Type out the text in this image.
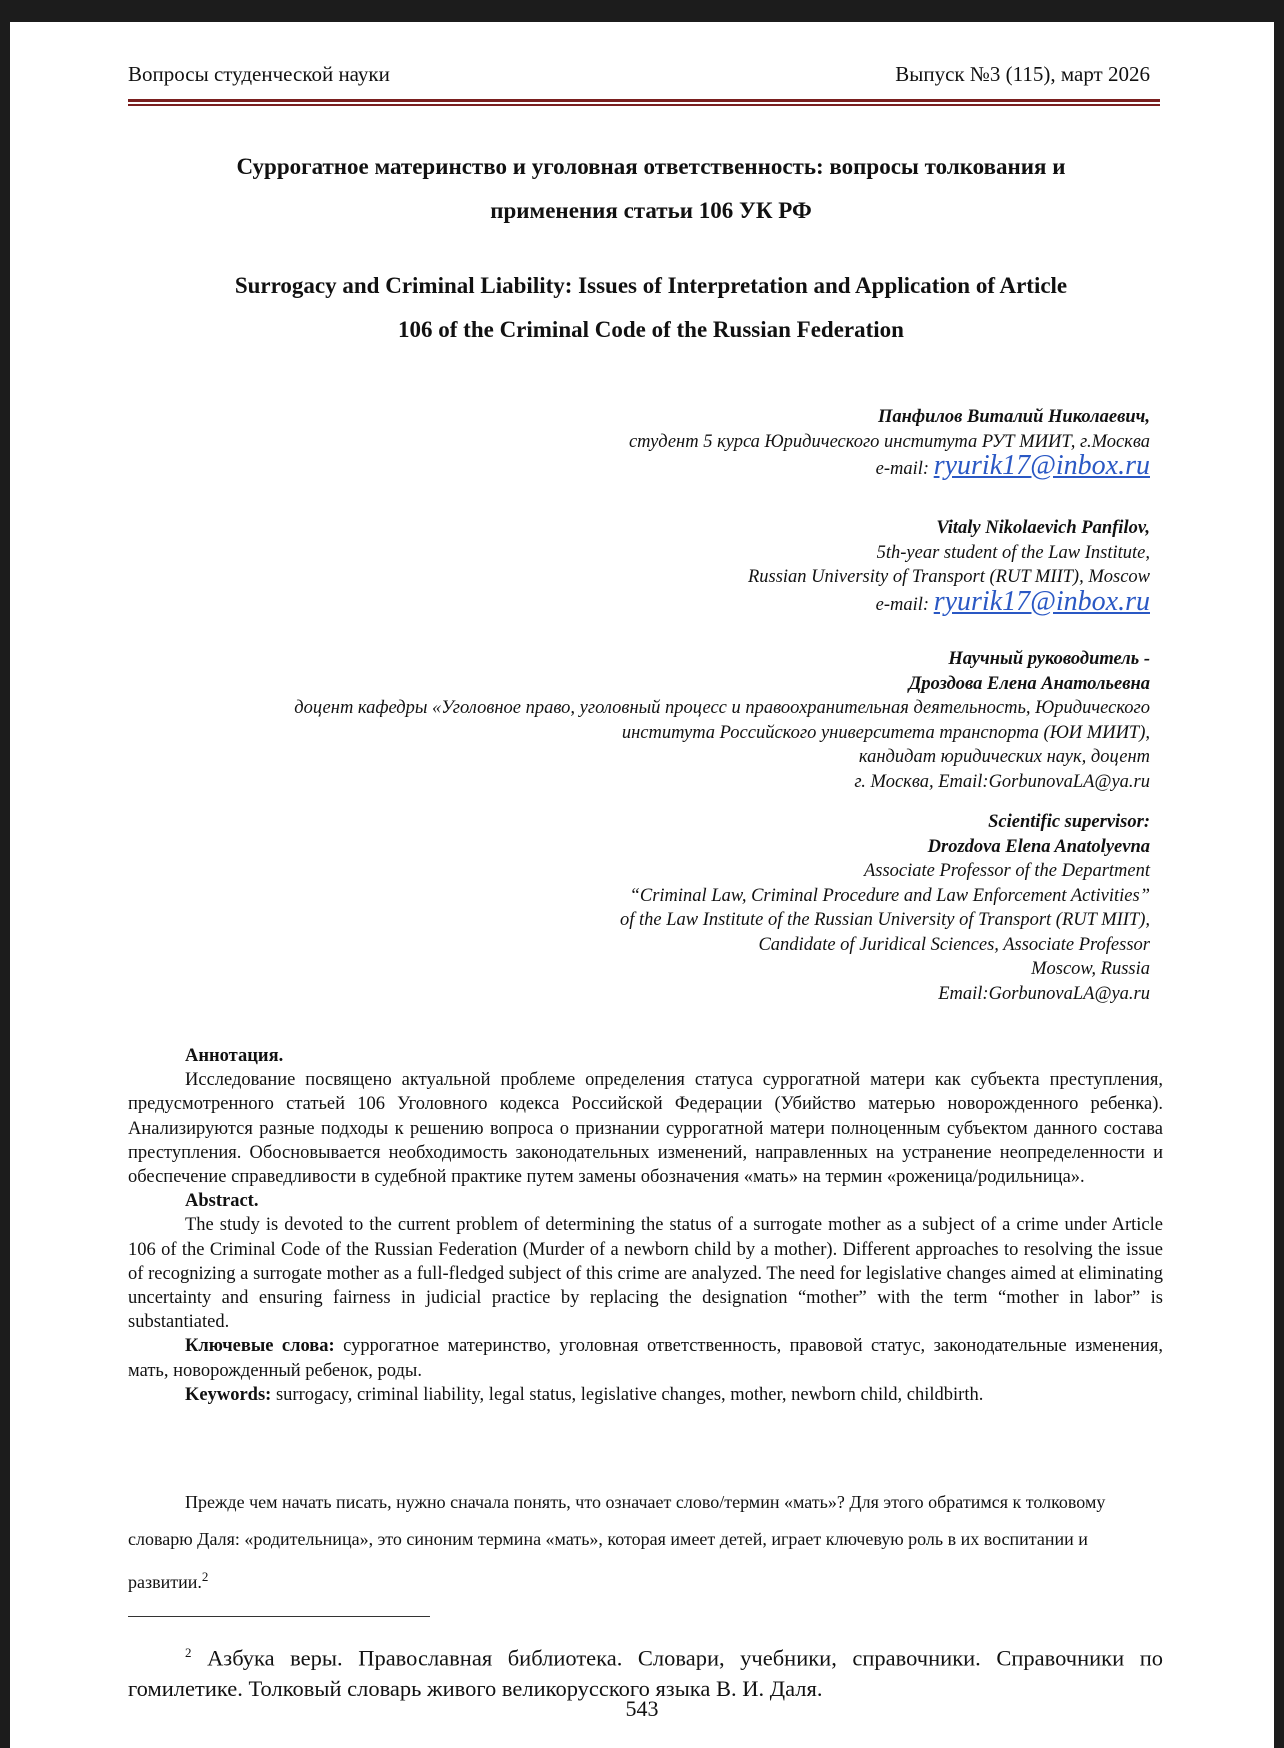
Вопросы студенческой науки	Выпуск №3 (115), март 2026
Суррогатное материнство и уголовная ответственность: вопросы толкования и
применения статьи 106 УК РФ
Surrogacy and Criminal Liability: Issues of Interpretation and Application of Article
106 of the Criminal Code of the Russian Federation
Панфилов Виталий Николаевич,
студент 5 курса Юридического института РУТ МИИТ, г.Москва
e-mail: ryurik17@inbox.ru
Vitaly Nikolaevich Panfilov,
5th-year student of the Law Institute,
Russian University of Transport (RUT MIIT), Moscow
e-mail: ryurik17@inbox.ru
Научный руководитель -
Дроздова Елена Анатольевна
доцент кафедры «Уголовное право, уголовный процесс и правоохранительная деятельность, Юридического
института Российского университета транспорта (ЮИ МИИТ),
кандидат юридических наук, доцент
г. Москва, Email:GorbunovaLA@ya.ru
Scientific supervisor:
Drozdova Elena Anatolyevna
Associate Professor of the Department
“Criminal Law, Criminal Procedure and Law Enforcement Activities”
of the Law Institute of the Russian University of Transport (RUT MIIT),
Candidate of Juridical Sciences, Associate Professor
Moscow, Russia
Email:GorbunovaLA@ya.ru
Аннотация.
Исследование посвящено актуальной проблеме определения статуса суррогатной матери как субъекта преступления, предусмотренного статьей 106 Уголовного кодекса Российской Федерации (Убийство матерью новорожденного ребенка). Анализируются разные подходы к решению вопроса о признании суррогатной матери полноценным субъектом данного состава преступления. Обосновывается необходимость законодательных изменений, направленных на устранение неопределенности и обеспечение справедливости в судебной практике путем замены обозначения «мать» на термин «роженица/родильница».
Abstract.
The study is devoted to the current problem of determining the status of a surrogate mother as a subject of a crime under Article 106 of the Criminal Code of the Russian Federation (Murder of a newborn child by a mother). Different approaches to resolving the issue of recognizing a surrogate mother as a full-fledged subject of this crime are analyzed. The need for legislative changes aimed at eliminating uncertainty and ensuring fairness in judicial practice by replacing the designation “mother” with the term “mother in labor” is substantiated.
Ключевые слова: суррогатное материнство, уголовная ответственность, правовой статус, законодательные изменения, мать, новорожденный ребенок, роды.
Keywords: surrogacy, criminal liability, legal status, legislative changes, mother, newborn child, childbirth.
Прежде чем начать писать, нужно сначала понять, что означает слово/термин «мать»? Для этого обратимся к толковому словарю Даля: «родительница», это синоним термина «мать», которая имеет детей, играет ключевую роль в их воспитании и развитии.$^2$
$^2$ Азбука веры. Православная библиотека. Словари, учебники, справочники. Справочники по гомилетике. Толковый словарь живого великорусского языка В. И. Даля.
543
